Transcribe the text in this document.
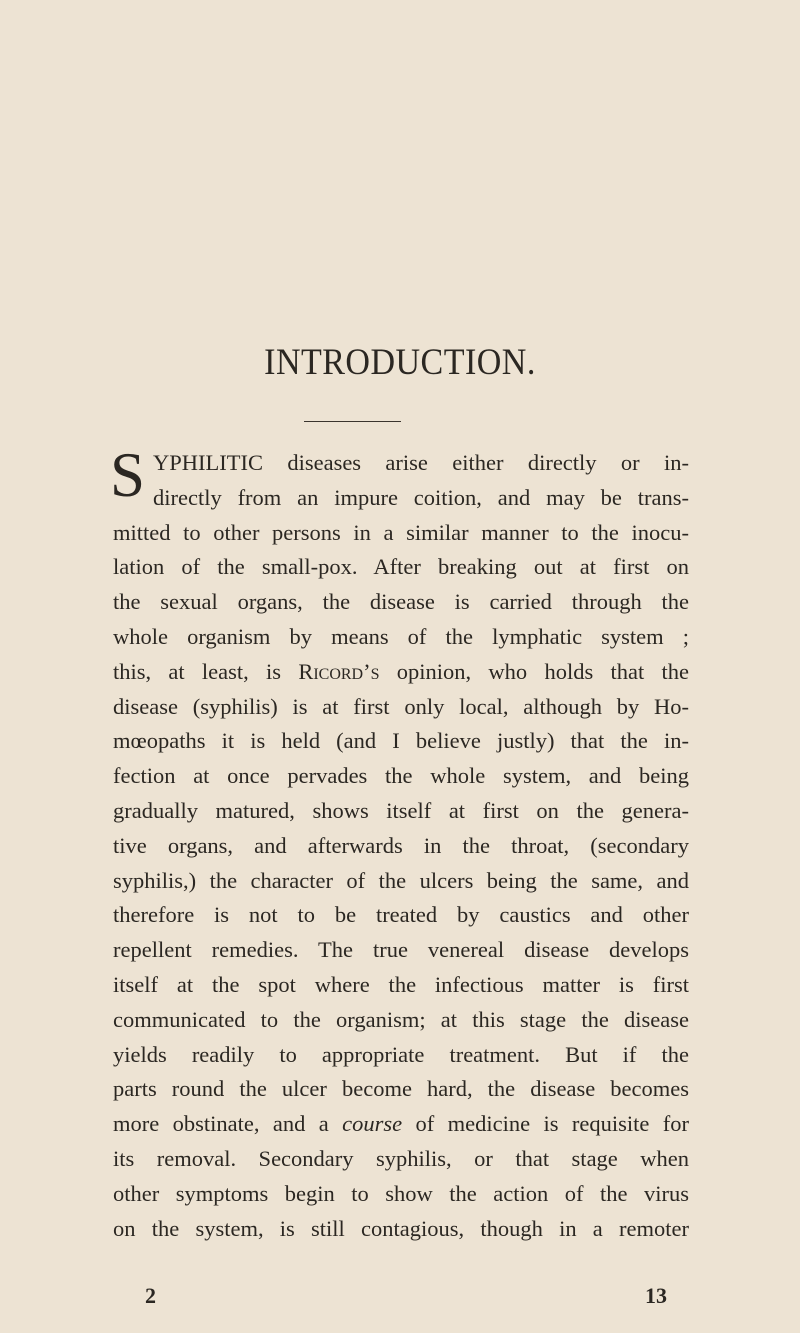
INTRODUCTION.
S YPHILITIC diseases arise either directly or in-
directly from an impure coition, and may be trans-
mitted to other persons in a similar manner to the inocu-
lation of the small-pox. After breaking out at first on
the sexual organs, the disease is carried through the
whole organism by means of the lymphatic system ;
this, at least, is Ricord’s opinion, who holds that the
disease (syphilis) is at first only local, although by Ho-
mœopaths it is held (and I believe justly) that the in-
fection at once pervades the whole system, and being
gradually matured, shows itself at first on the genera-
tive organs, and afterwards in the throat, (secondary
syphilis,) the character of the ulcers being the same, and
therefore is not to be treated by caustics and other
repellent remedies. The true venereal disease develops
itself at the spot where the infectious matter is first
communicated to the organism; at this stage the disease
yields readily to appropriate treatment. But if the
parts round the ulcer become hard, the disease becomes
more obstinate, and a course of medicine is requisite for
its removal. Secondary syphilis, or that stage when
other symptoms begin to show the action of the virus
on the system, is still contagious, though in a remoter
2	13
